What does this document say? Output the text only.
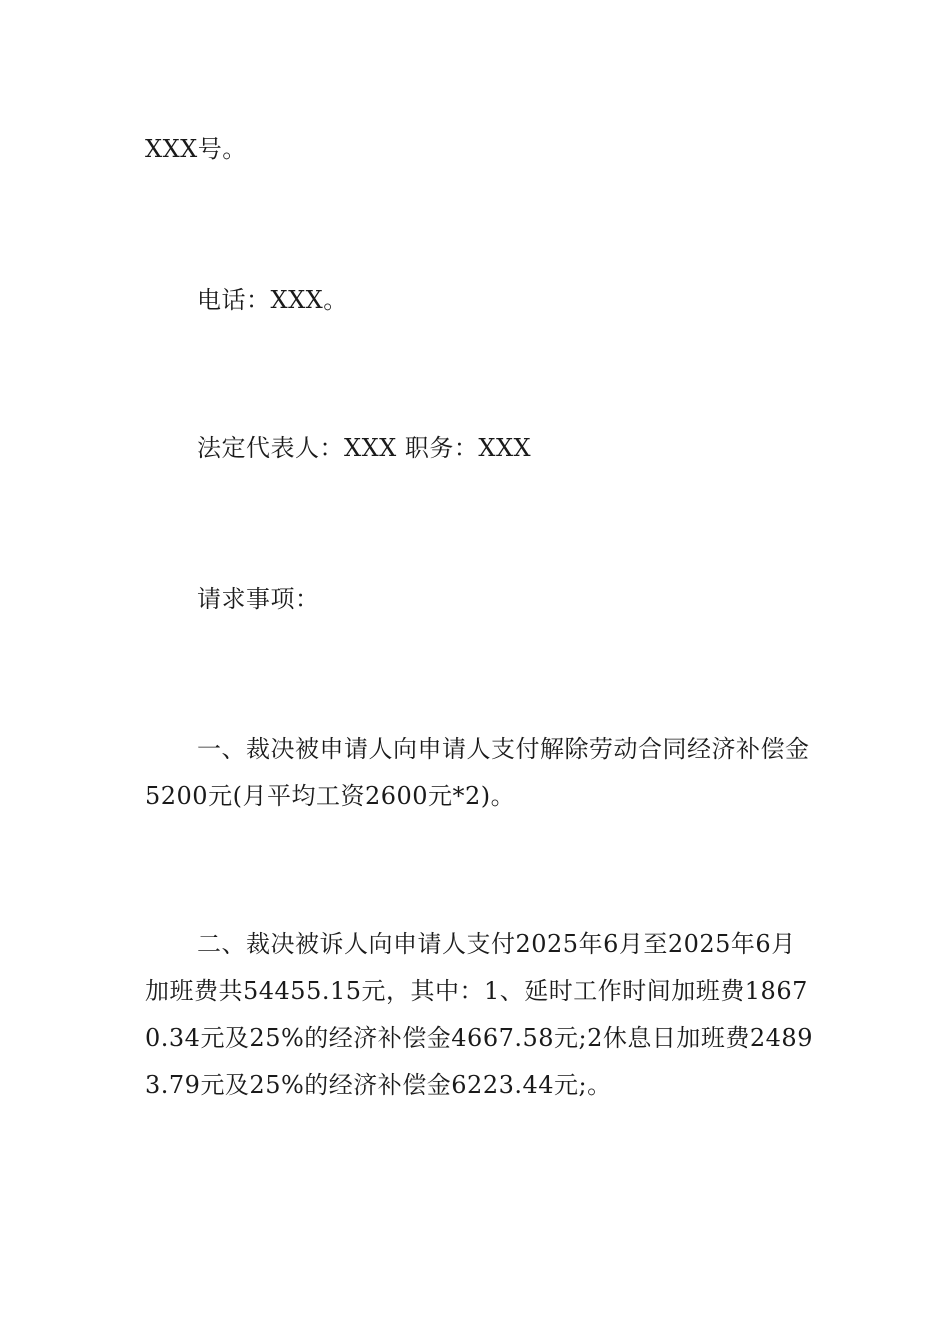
XXX号。

电话：XXX。

法定代表人：XXX 职务：XXX

请求事项：

一、裁决被申请人向申请人支付解除劳动合同经济补偿金5200元(月平均工资2600元*2)。

二、裁决被诉人向申请人支付2025年6月至2025年6月加班费共54455.15元，其中：1、延时工作时间加班费18670.34元及25%的经济补偿金4667.58元;2休息日加班费24893.79元及25%的经济补偿金6223.44元;。
